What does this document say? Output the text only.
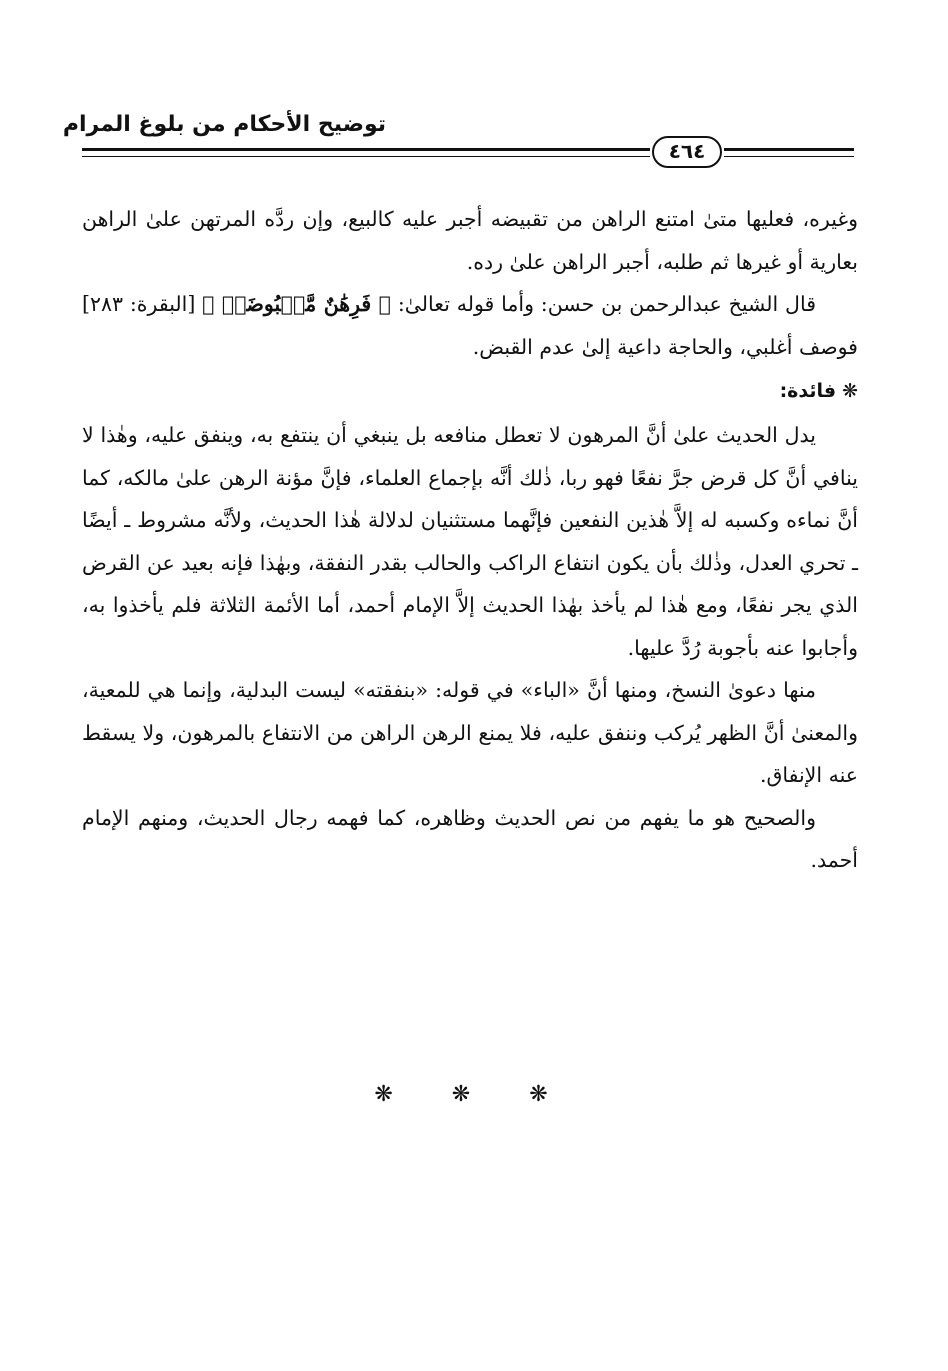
توضيح الأحكام من بلوغ المرام
٤٦٤

وغيره، فعليها متىٰ امتنع الراهن من تقبيضه أجبر عليه كالبيع، وإن ردَّه المرتهن علىٰ الراهن بعارية أو غيرها ثم طلبه، أجبر الراهن علىٰ رده.

قال الشيخ عبدالرحمن بن حسن: وأما قوله تعالىٰ: ﴿ فَرِهَٰنٌ مَّقۡبُوضَةٞ ﴾ [البقرة: ٢٨٣] فوصف أغلبي، والحاجة داعية إلىٰ عدم القبض.

❋فائدة:

يدل الحديث علىٰ أنَّ المرهون لا تعطل منافعه بل ينبغي أن ينتفع به، وينفق عليه، وهٰذا لا ينافي أنَّ كل قرض جرَّ نفعًا فهو ربا، ذٰلك أنَّه بإجماع العلماء، فإنَّ مؤنة الرهن علىٰ مالكه، كما أنَّ نماءه وكسبه له إلاَّ هٰذين النفعين فإنَّهما مستثنيان لدلالة هٰذا الحديث، ولأنَّه مشروط ـ أيضًا ـ تحري العدل، وذٰلك بأن يكون انتفاع الراكب والحالب بقدر النفقة، وبهٰذا فإنه بعيد عن القرض الذي يجر نفعًا، ومع هٰذا لم يأخذ بهٰذا الحديث إلاَّ الإمام أحمد، أما الأئمة الثلاثة فلم يأخذوا به، وأجابوا عنه بأجوبة رُدَّ عليها.

منها دعوىٰ النسخ، ومنها أنَّ «الباء» في قوله: «بنفقته» ليست البدلية، وإنما هي للمعية، والمعنىٰ أنَّ الظهر يُركب وننفق عليه، فلا يمنع الرهن الراهن من الانتفاع بالمرهون، ولا يسقط عنه الإنفاق.

والصحيح هو ما يفهم من نص الحديث وظاهره، كما فهمه رجال الحديث، ومنهم الإمام أحمد.

❋ ❋ ❋
